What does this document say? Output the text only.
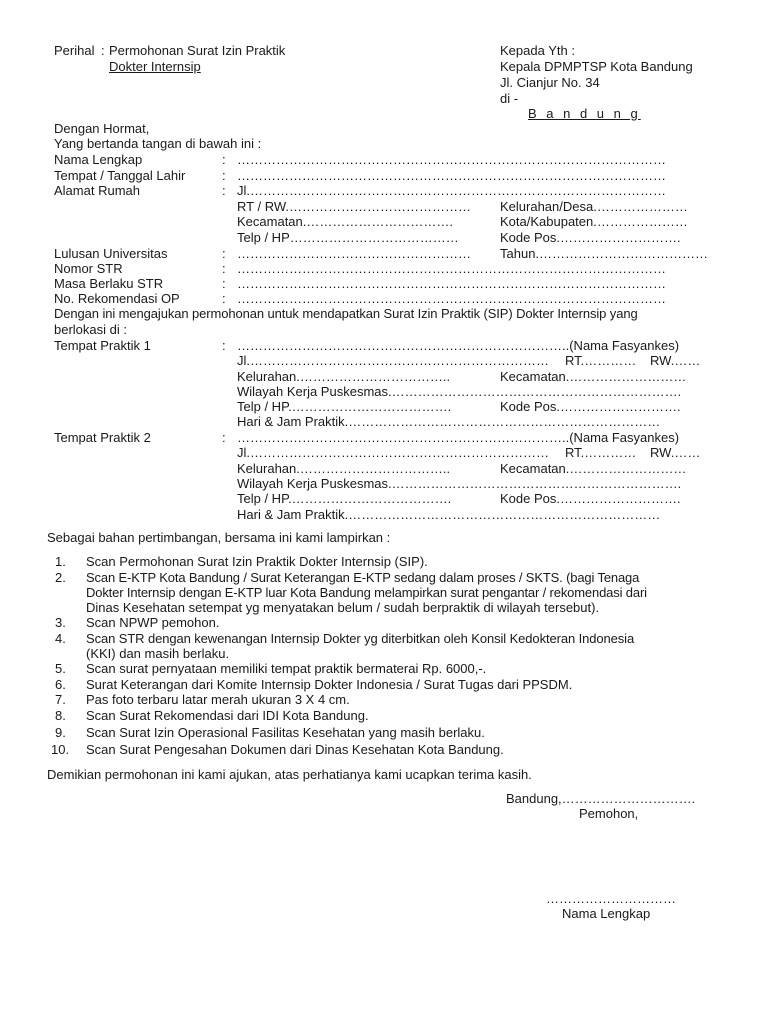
Perihal : Permohonan Surat Izin Praktik
Dokter Internsip
Kepada Yth :
Kepala DPMPTSP Kota Bandung
Jl. Cianjur No. 34
di -
B a n d u n g
Dengan Hormat,
Yang bertanda tangan di bawah ini :
Nama Lengkap	: ………………………………………………………………………………………
Tempat / Tanggal Lahir	: ………………………………………………………………………………………
Alamat Rumah	: Jl.……………………………………………………………………………………
RT / RW.……………………………………	Kelurahan/Desa.…………………
Kecamatan.…………………………….	Kota/Kabupaten.…………………
Telp / HP…………………………………	Kode Pos.……………………….
Lulusan Universitas	: ………………………………………………	Tahun.…………………………………
Nomor STR	: ………………………………………………………………………………………
Masa Berlaku STR	: ………………………………………………………………………………………
No. Rekomendasi OP	: ………………………………………………………………………………………
Dengan ini mengajukan permohonan untuk mendapatkan Surat Izin Praktik (SIP) Dokter Internsip yang
berlokasi di :
Tempat Praktik 1	: …………………………………………………………………..(Nama Fasyankes)
Jl.……………………………………………………………	RT.…………	RW.……
Kelurahan.……………………………..	Kecamatan.………………………
Wilayah Kerja Puskesmas.………………………………………………………….
Telp / HP.……………………………….	Kode Pos.……………………….
Hari & Jam Praktik.………………………………………………………………
Tempat Praktik 2	: …………………………………………………………………..(Nama Fasyankes)
Jl.……………………………………………………………	RT.…………	RW.……
Kelurahan.……………………………..	Kecamatan.………………………
Wilayah Kerja Puskesmas.………………………………………………………….
Telp / HP.……………………………….	Kode Pos.……………………….
Hari & Jam Praktik.………………………………………………………………
Sebagai bahan pertimbangan, bersama ini kami lampirkan :
1. Scan Permohonan Surat Izin Praktik Dokter Internsip (SIP).
2. Scan E-KTP Kota Bandung / Surat Keterangan E-KTP sedang dalam proses / SKTS. (bagi Tenaga
Dokter Internsip dengan E-KTP luar Kota Bandung melampirkan surat pengantar / rekomendasi dari
Dinas Kesehatan setempat yg menyatakan belum / sudah berpraktik di wilayah tersebut).
3. Scan NPWP pemohon.
4. Scan STR dengan kewenangan Internsip Dokter yg diterbitkan oleh Konsil Kedokteran Indonesia
(KKI) dan masih berlaku.
5. Scan surat pernyataan memiliki tempat praktik bermaterai Rp. 6000,-.
6. Surat Keterangan dari Komite Internsip Dokter Indonesia / Surat Tugas dari PPSDM.
7. Pas foto terbaru latar merah ukuran 3 X 4 cm.
8. Scan Surat Rekomendasi dari IDI Kota Bandung.
9. Scan Surat Izin Operasional Fasilitas Kesehatan yang masih berlaku.
10. Scan Surat Pengesahan Dokumen dari Dinas Kesehatan Kota Bandung.
Demikian permohonan ini kami ajukan, atas perhatianya kami ucapkan terima kasih.
Bandung,………………………….
Pemohon,
…………………………
Nama Lengkap
